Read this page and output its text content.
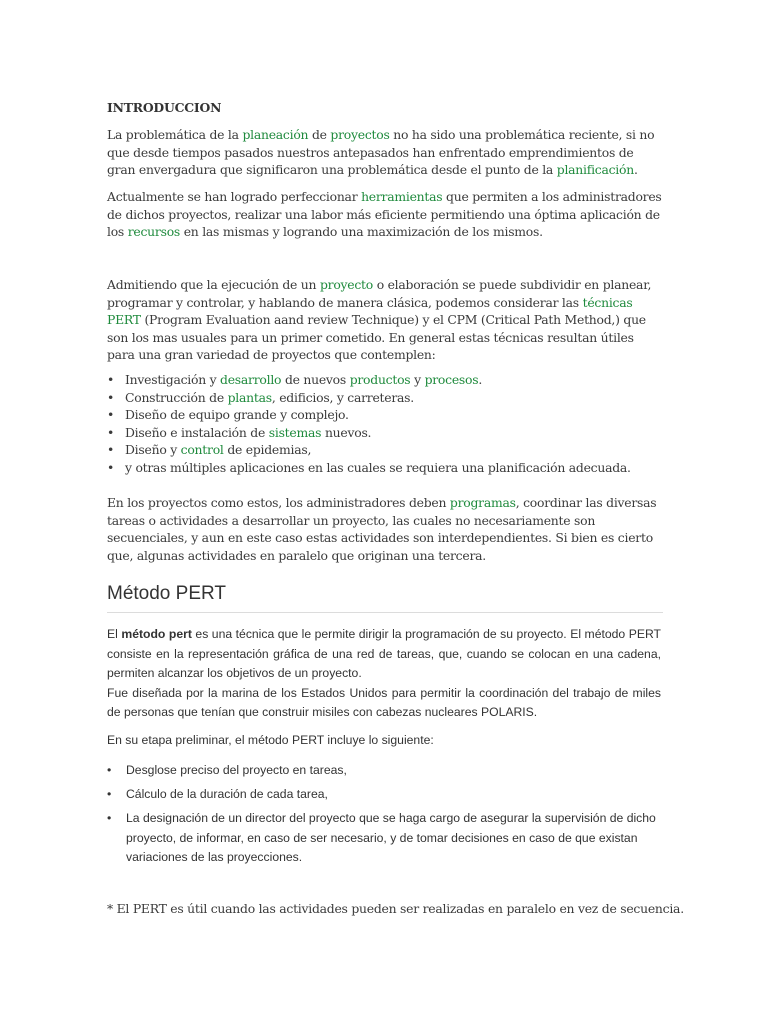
INTRODUCCION

La problemática de la planeación de proyectos no ha sido una problemática reciente, si no que desde tiempos pasados nuestros antepasados han enfrentado emprendimientos de gran envergadura que significaron una problemática desde el punto de la planificación.

Actualmente se han logrado perfeccionar herramientas que permiten a los administradores de dichos proyectos, realizar una labor más eficiente permitiendo una óptima aplicación de los recursos en las mismas y logrando una maximización de los mismos.

Admitiendo que la ejecución de un proyecto o elaboración se puede subdividir en planear, programar y controlar, y hablando de manera clásica, podemos considerar las técnicas PERT (Program Evaluation aand review Technique) y el CPM (Critical Path Method,) que son los mas usuales para un primer cometido. En general estas técnicas resultan útiles para una gran variedad de proyectos que contemplen:

• Investigación y desarrollo de nuevos productos y procesos.
• Construcción de plantas, edificios, y carreteras.
• Diseño de equipo grande y complejo.
• Diseño e instalación de sistemas nuevos.
• Diseño y control de epidemias,
• y otras múltiples aplicaciones en las cuales se requiera una planificación adecuada.

En los proyectos como estos, los administradores deben programas, coordinar las diversas tareas o actividades a desarrollar un proyecto, las cuales no necesariamente son secuenciales, y aun en este caso estas actividades son interdependientes. Si bien es cierto que, algunas actividades en paralelo que originan una tercera.

Método PERT

El método pert es una técnica que le permite dirigir la programación de su proyecto. El método PERT consiste en la representación gráfica de una red de tareas, que, cuando se colocan en una cadena, permiten alcanzar los objetivos de un proyecto.

Fue diseñada por la marina de los Estados Unidos para permitir la coordinación del trabajo de miles de personas que tenían que construir misiles con cabezas nucleares POLARIS.

En su etapa preliminar, el método PERT incluye lo siguiente:
• Desglose preciso del proyecto en tareas,
• Cálculo de la duración de cada tarea,
• La designación de un director del proyecto que se haga cargo de asegurar la supervisión de dicho proyecto, de informar, en caso de ser necesario, y de tomar decisiones en caso de que existan variaciones de las proyecciones.
* El PERT es útil cuando las actividades pueden ser realizadas en paralelo en vez de secuencia.
